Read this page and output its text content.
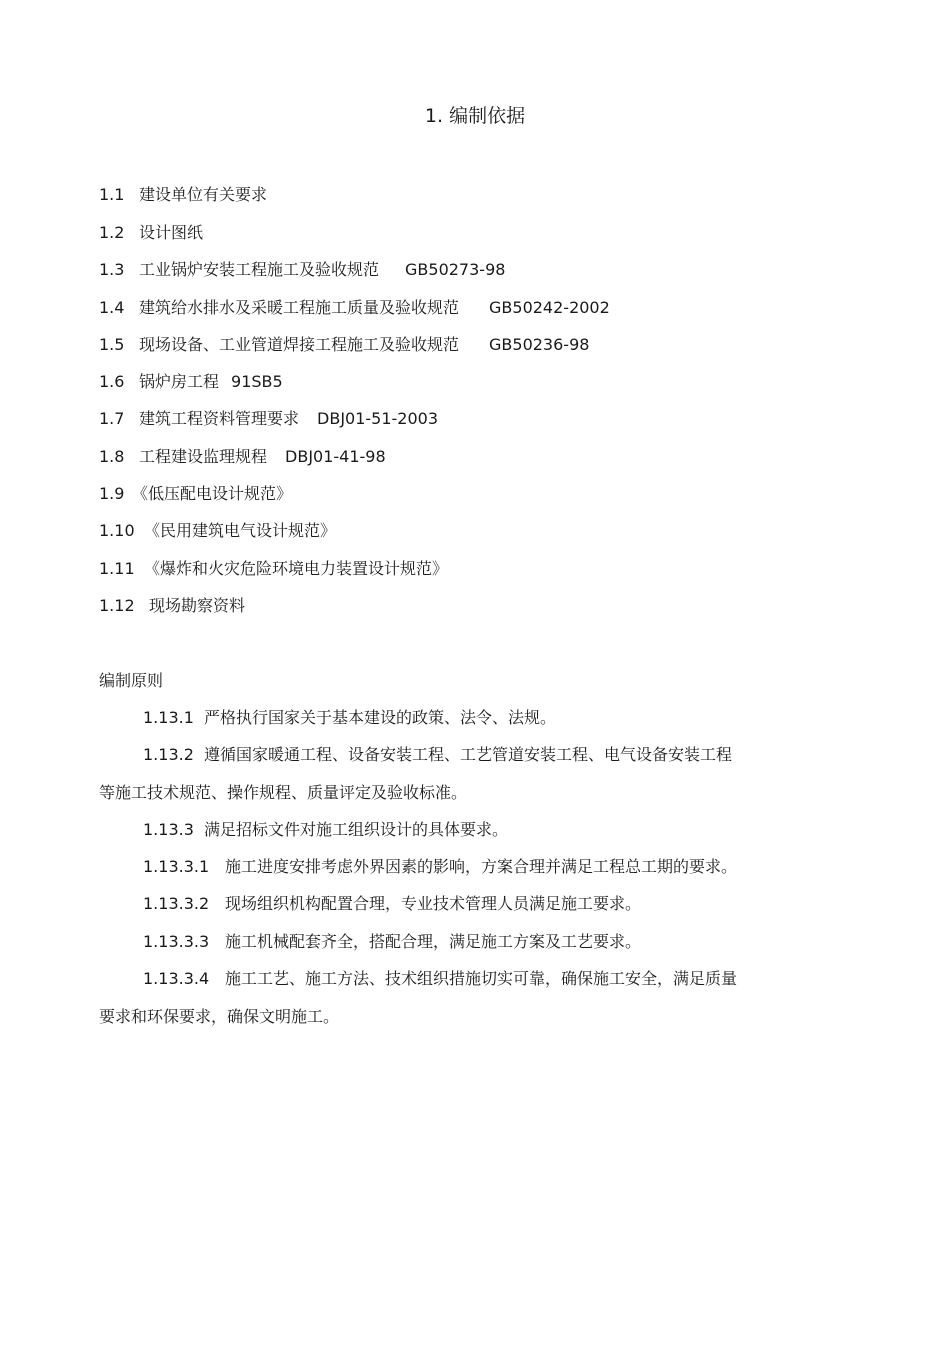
1. 编制依据
1.1 建设单位有关要求
1.2 设计图纸
1.3 工业锅炉安装工程施工及验收规范 GB50273-98
1.4 建筑给水排水及采暖工程施工质量及验收规范 GB50242-2002
1.5 现场设备、工业管道焊接工程施工及验收规范 GB50236-98
1.6 锅炉房工程 91SB5
1.7 建筑工程资料管理要求 DBJ01-51-2003
1.8 工程建设监理规程 DBJ01-41-98
1.9 《低压配电设计规范》
1.10 《民用建筑电气设计规范》
1.11 《爆炸和火灾危险环境电力装置设计规范》
1.12 现场勘察资料
编制原则
1.13.1 严格执行国家关于基本建设的政策、法令、法规。
1.13.2 遵循国家暖通工程、设备安装工程、工艺管道安装工程、电气设备安装工程
等施工技术规范、操作规程、质量评定及验收标准。
1.13.3 满足招标文件对施工组织设计的具体要求。
1.13.3.1 施工进度安排考虑外界因素的影响，方案合理并满足工程总工期的要求。
1.13.3.2 现场组织机构配置合理，专业技术管理人员满足施工要求。
1.13.3.3 施工机械配套齐全，搭配合理，满足施工方案及工艺要求。
1.13.3.4 施工工艺、施工方法、技术组织措施切实可靠，确保施工安全，满足质量
要求和环保要求，确保文明施工。
